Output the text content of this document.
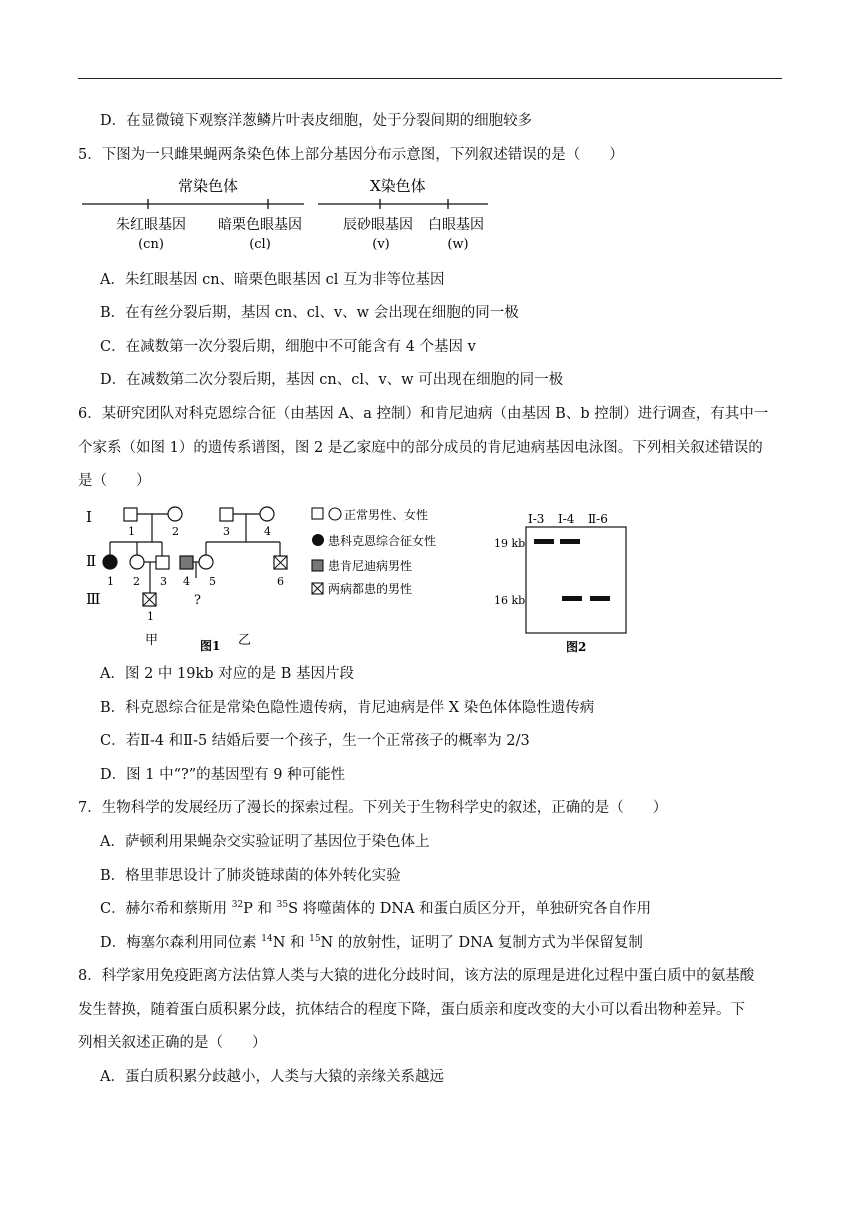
D．在显微镜下观察洋葱鳞片叶表皮细胞，处于分裂间期的细胞较多
5．下图为一只雌果蝇两条染色体上部分基因分布示意图，下列叙述错误的是（　　）
常染色体	X染色体
朱红眼基因 暗栗色眼基因	辰砂眼基因 白眼基因
(cn)	(cl)	(v)	(w)
A．朱红眼基因 cn、暗栗色眼基因 cl 互为非等位基因
B．在有丝分裂后期，基因 cn、cl、v、w 会出现在细胞的同一极
C．在减数第一次分裂后期，细胞中不可能含有 4 个基因 v
D．在减数第二次分裂后期，基因 cn、cl、v、w 可出现在细胞的同一极
6．某研究团队对科克恩综合征（由基因 A、a 控制）和肯尼迪病（由基因 B、b 控制）进行调查，有其中一
个家系（如图 1）的遗传系谱图，图 2 是乙家庭中的部分成员的肯尼迪病基因电泳图。下列相关叙述错误的
是（　　）
Ⅰ
Ⅱ
Ⅲ
1	2	3	4
1 2 3 4 5	6
1
?
甲	乙
图1
正常男性、女性
患科克恩综合征女性
患肯尼迪病男性
两病都患的男性
Ⅰ-3 Ⅰ-4 Ⅱ-6
19 kb
16 kb
图2
A．图 2 中 19kb 对应的是 B 基因片段
B．科克恩综合征是常染色隐性遗传病，肯尼迪病是伴 X 染色体体隐性遗传病
C．若Ⅱ-4 和Ⅱ-5 结婚后要一个孩子，生一个正常孩子的概率为 2/3
D．图 1 中“?”的基因型有 9 种可能性
7．生物科学的发展经历了漫长的探索过程。下列关于生物科学史的叙述，正确的是（　　）
A．萨顿利用果蝇杂交实验证明了基因位于染色体上
B．格里菲思设计了肺炎链球菌的体外转化实验
C．赫尔希和蔡斯用 $^{32}$P 和 $^{35}$S 将噬菌体的 DNA 和蛋白质区分开，单独研究各自作用
D．梅塞尔森利用同位素 $^{14}$N 和 $^{15}$N 的放射性，证明了 DNA 复制方式为半保留复制
8．科学家用免疫距离方法估算人类与大猿的进化分歧时间，该方法的原理是进化过程中蛋白质中的氨基酸
发生替换，随着蛋白质积累分歧，抗体结合的程度下降，蛋白质亲和度改变的大小可以看出物种差异。下
列相关叙述正确的是（　　）
A．蛋白质积累分歧越小，人类与大猿的亲缘关系越远
